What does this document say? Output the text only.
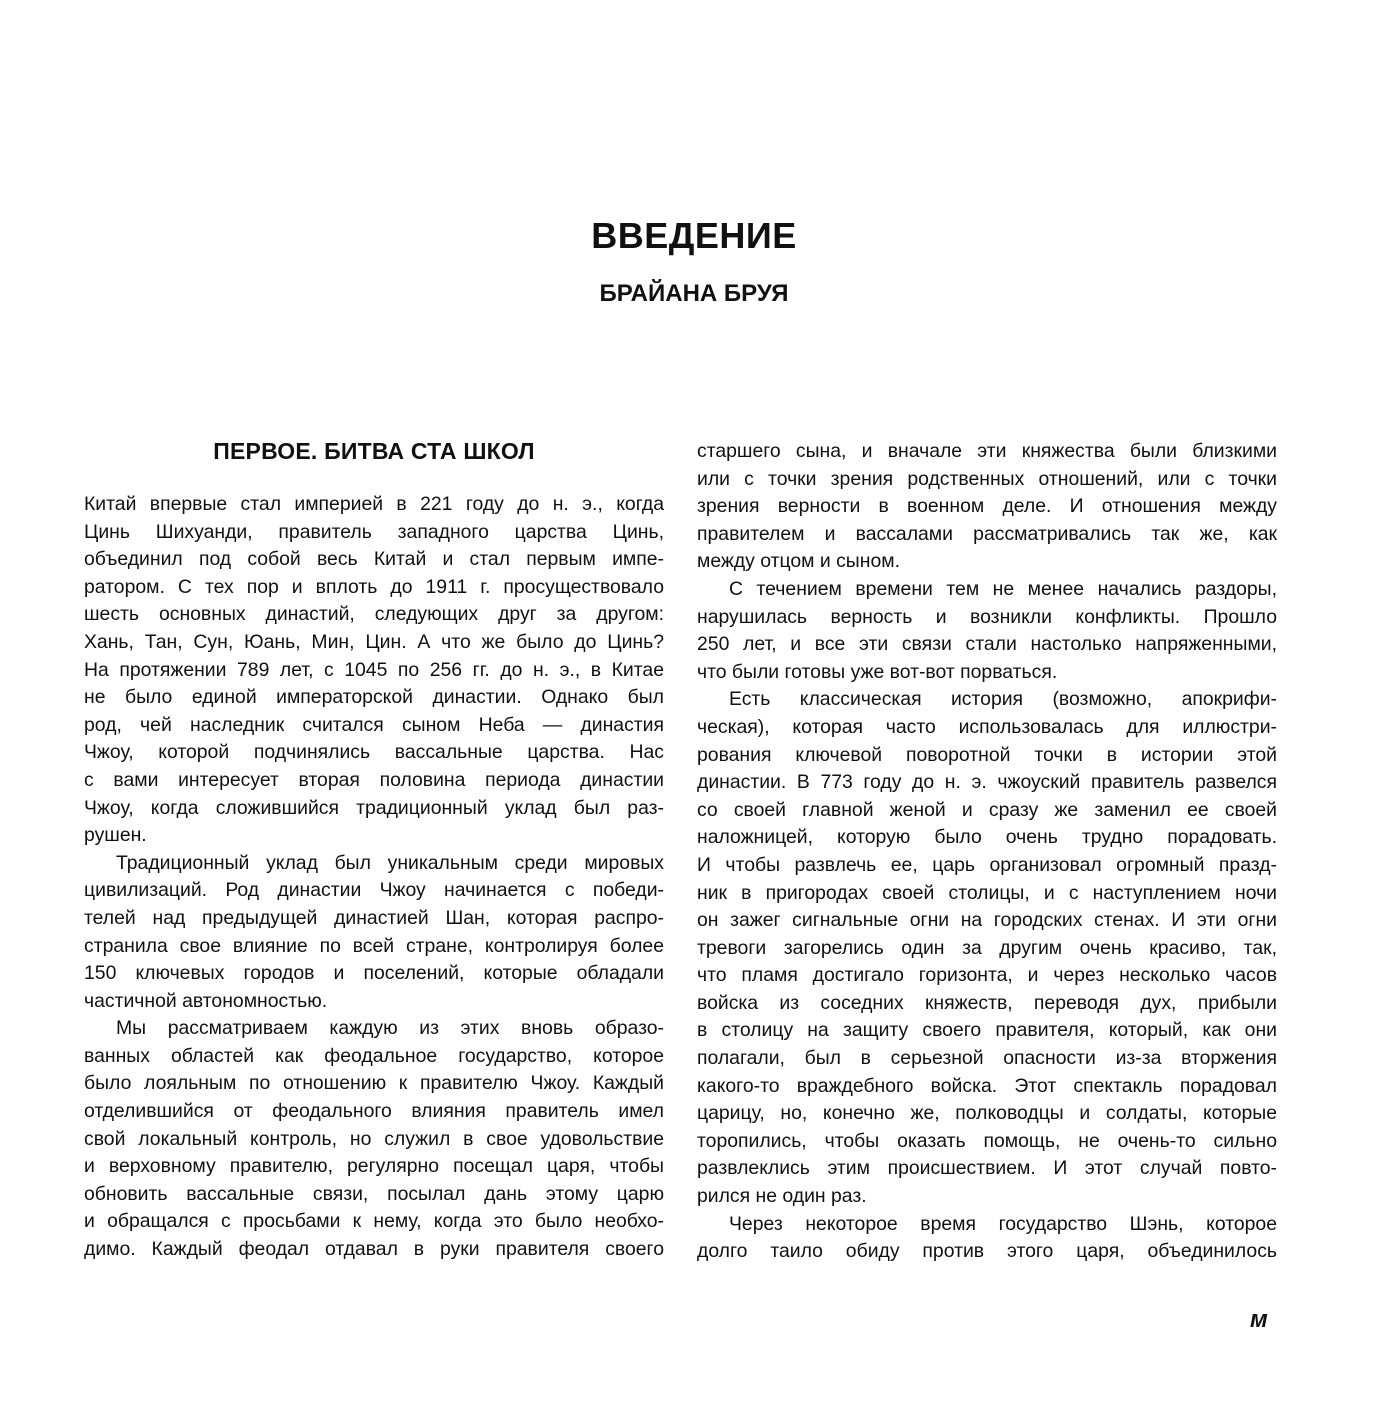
ВВЕДЕНИЕ
БРАЙАНА БРУЯ
ПЕРВОЕ. БИТВА СТА ШКОЛ
Китай впервые стал империей в 221 году до н. э., когда
Цинь Шихуанди, правитель западного царства Цинь,
объединил под собой весь Китай и стал первым импе-
ратором. С тех пор и вплоть до 1911 г. просуществовало
шесть основных династий, следующих друг за другом:
Хань, Тан, Сун, Юань, Мин, Цин. А что же было до Цинь?
На протяжении 789 лет, с 1045 по 256 гг. до н. э., в Китае
не было единой императорской династии. Однако был
род, чей наследник считался сыном Неба — династия
Чжоу, которой подчинялись вассальные царства. Нас
с вами интересует вторая половина периода династии
Чжоу, когда сложившийся традиционный уклад был раз-
рушен.
Традиционный уклад был уникальным среди мировых
цивилизаций. Род династии Чжоу начинается с победи-
телей над предыдущей династией Шан, которая распро-
странила свое влияние по всей стране, контролируя более
150 ключевых городов и поселений, которые обладали
частичной автономностью.
Мы рассматриваем каждую из этих вновь образо-
ванных областей как феодальное государство, которое
было лояльным по отношению к правителю Чжоу. Каждый
отделившийся от феодального влияния правитель имел
свой локальный контроль, но служил в свое удовольствие
и верховному правителю, регулярно посещал царя, чтобы
обновить вассальные связи, посылал дань этому царю
и обращался с просьбами к нему, когда это было необхо-
димо. Каждый феодал отдавал в руки правителя своего
старшего сына, и вначале эти княжества были близкими
или с точки зрения родственных отношений, или с точки
зрения верности в военном деле. И отношения между
правителем и вассалами рассматривались так же, как
между отцом и сыном.
С течением времени тем не менее начались раздоры,
нарушилась верность и возникли конфликты. Прошло
250 лет, и все эти связи стали настолько напряженными,
что были готовы уже вот-вот порваться.
Есть классическая история (возможно, апокрифи-
ческая), которая часто использовалась для иллюстри-
рования ключевой поворотной точки в истории этой
династии. В 773 году до н. э. чжоуский правитель развелся
со своей главной женой и сразу же заменил ее своей
наложницей, которую было очень трудно порадовать.
И чтобы развлечь ее, царь организовал огромный празд-
ник в пригородах своей столицы, и с наступлением ночи
он зажег сигнальные огни на городских стенах. И эти огни
тревоги загорелись один за другим очень красиво, так,
что пламя достигало горизонта, и через несколько часов
войска из соседних княжеств, переводя дух, прибыли
в столицу на защиту своего правителя, который, как они
полагали, был в серьезной опасности из-за вторжения
какого-то враждебного войска. Этот спектакль порадовал
царицу, но, конечно же, полководцы и солдаты, которые
торопились, чтобы оказать помощь, не очень-то сильно
развлеклись этим происшествием. И этот случай повто-
рился не один раз.
Через некоторое время государство Шэнь, которое
долго таило обиду против этого царя, объединилось
м
